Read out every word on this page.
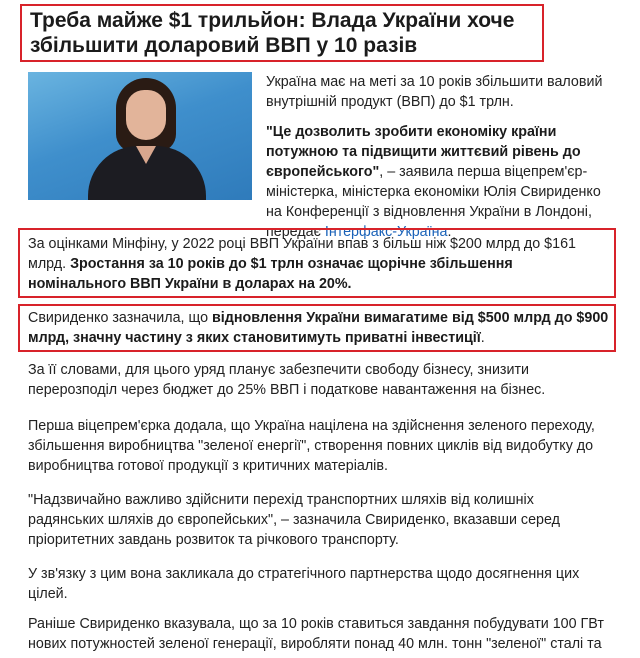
Треба майже $1 трильйон: Влада України хоче збільшити доларовий ВВП у 10 разів

Україна має на меті за 10 років збільшити валовий внутрішній продукт (ВВП) до $1 трлн.

"Це дозволить зробити економіку країни потужною та підвищити життєвий рівень до європейського", – заявила перша віцепрем'єр-міністерка, міністерка економіки Юлія Свириденко на Конференції з відновлення України в Лондоні, передає Інтерфакс-Україна.

За оцінками Мінфіну, у 2022 році ВВП України впав з більш ніж $200 млрд до $161 млрд. Зростання за 10 років до $1 трлн означає щорічне збільшення номінального ВВП України в доларах на 20%.

Свириденко зазначила, що відновлення України вимагатиме від $500 млрд до $900 млрд, значну частину з яких становитимуть приватні інвестиції.

За її словами, для цього уряд планує забезпечити свободу бізнесу, знизити перерозподіл через бюджет до 25% ВВП і податкове навантаження на бізнес.

Перша віцепрем'єрка додала, що Україна націлена на здійснення зеленого переходу, збільшення виробництва "зеленої енергії", створення повних циклів від видобутку до виробництва готової продукції з критичних матеріалів.

"Надзвичайно важливо здійснити перехід транспортних шляхів від колишніх радянських шляхів до європейських", – зазначила Свириденко, вказавши серед пріоритетних завдань розвиток та річкового транспорту.

У зв'язку з цим вона закликала до стратегічного партнерства щодо досягнення цих цілей.

Раніше Свириденко вказувала, що за 10 років ставиться завдання побудувати 100 ГВт нових потужностей зеленої генерації, виробляти понад 40 млн. тонн "зеленої" сталі та
